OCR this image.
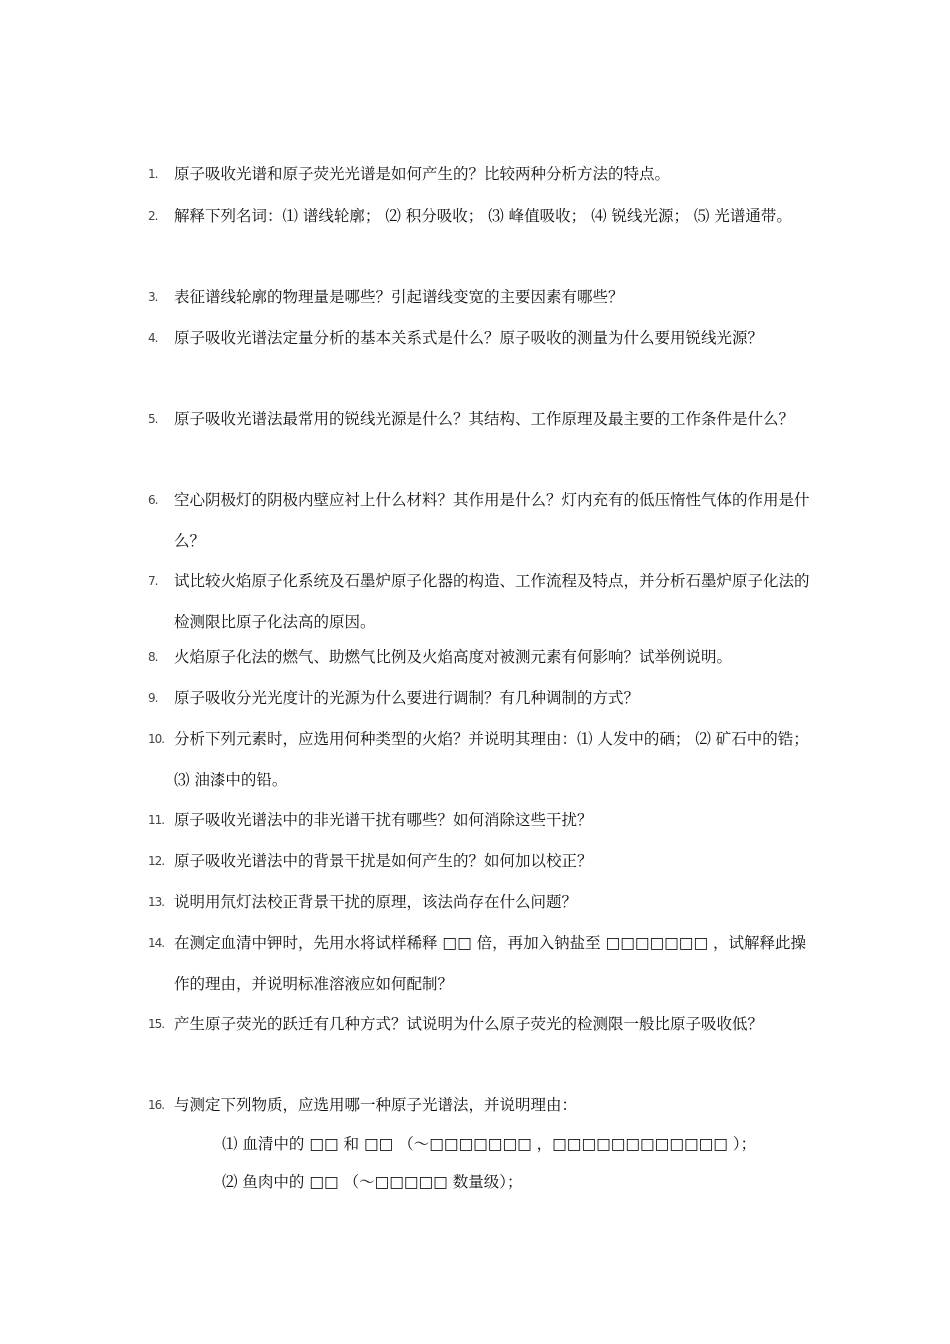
1.	原子吸收光谱和原子荧光光谱是如何产生的？比较两种分析方法的特点。
2.	解释下列名词：⑴ 谱线轮廓； ⑵ 积分吸收； ⑶ 峰值吸收； ⑷ 锐线光源； ⑸ 光谱通带。
3.	表征谱线轮廓的物理量是哪些？引起谱线变宽的主要因素有哪些？
4.	原子吸收光谱法定量分析的基本关系式是什么？原子吸收的测量为什么要用锐线光源？
5.	原子吸收光谱法最常用的锐线光源是什么？其结构、工作原理及最主要的工作条件是什么？
6.	空心阴极灯的阴极内壁应衬上什么材料？其作用是什么？灯内充有的低压惰性气体的作用是什么？
7.	试比较火焰原子化系统及石墨炉原子化器的构造、工作流程及特点，并分析石墨炉原子化法的检测限比原子化法高的原因。
8.	火焰原子化法的燃气、助燃气比例及火焰高度对被测元素有何影响？试举例说明。
9.	原子吸收分光光度计的光源为什么要进行调制？有几种调制的方式？
10. 分析下列元素时，应选用何种类型的火焰？并说明其理由：⑴ 人发中的硒； ⑵ 矿石中的锆； ⑶ 油漆中的铅。
11. 原子吸收光谱法中的非光谱干扰有哪些？如何消除这些干扰？
12. 原子吸收光谱法中的背景干扰是如何产生的？如何加以校正？
13. 说明用氘灯法校正背景干扰的原理，该法尚存在什么问题？
14. 在测定血清中钾时，先用水将试样稀释 □□ 倍，再加入钠盐至 □□□□□□□ ，试解释此操作的理由，并说明标准溶液应如何配制？
15. 产生原子荧光的跃迁有几种方式？试说明为什么原子荧光的检测限一般比原子吸收低？
16. 与测定下列物质，应选用哪一种原子光谱法，并说明理由：
⑴ 血清中的 □□ 和 □□ （～□□□□□□□ ，□□□□□□□□□□□□ ）；
⑵ 鱼肉中的 □□ （～□□□□□ 数量级）；
